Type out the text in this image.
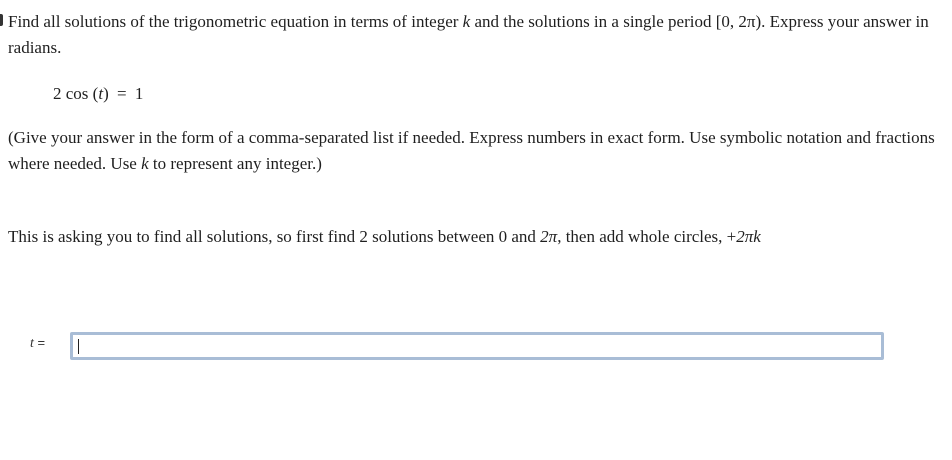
Find all solutions of the trigonometric equation in terms of integer k and the solutions in a single period [0, 2π). Express your answer in radians.
2 cos (t) = 1
(Give your answer in the form of a comma-separated list if needed. Express numbers in exact form. Use symbolic notation and fractions where needed. Use k to represent any integer.)
This is asking you to find all solutions, so first find 2 solutions between 0 and 2π, then add whole circles, +2πk
t =
